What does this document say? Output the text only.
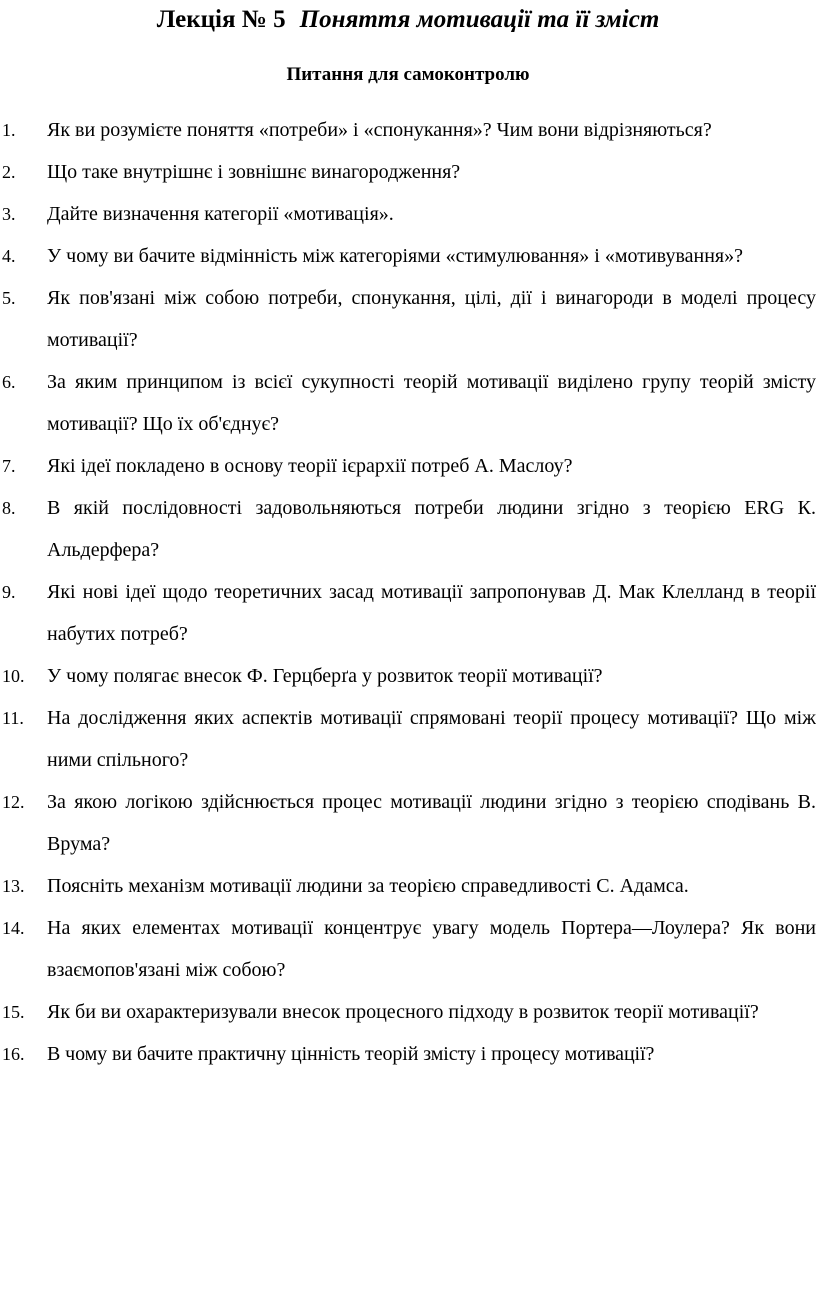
Лекція № 5 Поняття мотивації та її зміст
Питання для самоконтролю
1. Як ви розумієте поняття «потреби» і «спонукання»? Чим вони відрізняються?
2. Що таке внутрішнє і зовнішнє винагородження?
3. Дайте визначення категорії «мотивація».
4. У чому ви бачите відмінність між категоріями «стимулювання» і «мотивування»?
5. Як пов'язані між собою потреби, спонукання, цілі, дії і винагороди в моделі процесу мотивації?
6. За яким принципом із всієї сукупності теорій мотивації виділено групу теорій змісту мотивації? Що їх об'єднує?
7. Які ідеї покладено в основу теорії ієрархії потреб А. Маслоу?
8. В якій послідовності задовольняються потреби людини згідно з теорією ERG К. Альдерфера?
9. Які нові ідеї щодо теоретичних засад мотивації запропонував Д. Мак Клелланд в теорії набутих потреб?
10. У чому полягає внесок Ф. Герцберґа у розвиток теорії мотивації?
11. На дослідження яких аспектів мотивації спрямовані теорії процесу мотивації? Що між ними спільного?
12. За якою логікою здійснюється процес мотивації людини згідно з теорією сподівань В. Врума?
13. Поясніть механізм мотивації людини за теорією справедливості С. Адамса.
14. На яких елементах мотивації концентрує увагу модель Портера—Лоулера? Як вони взаємопов'язані між собою?
15. Як би ви охарактеризували внесок процесного підходу в розвиток теорії мотивації?
16. В чому ви бачите практичну цінність теорій змісту і процесу мотивації?
